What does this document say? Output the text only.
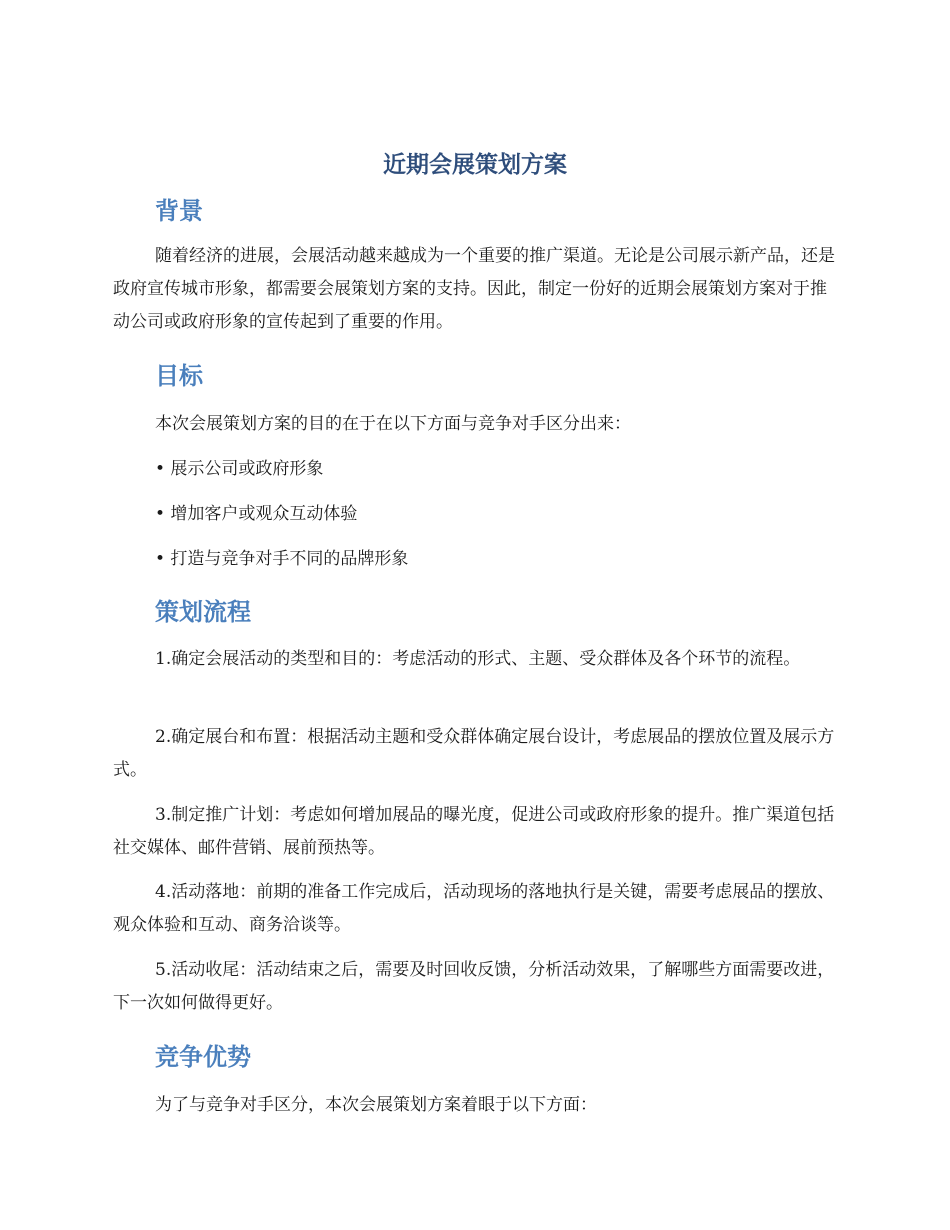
近期会展策划方案
背景

随着经济的进展，会展活动越来越成为一个重要的推广渠道。无论是公司展示新产品，还是政府宣传城市形象，都需要会展策划方案的支持。因此，制定一份好的近期会展策划方案对于推动公司或政府形象的宣传起到了重要的作用。

目标

本次会展策划方案的目的在于在以下方面与竞争对手区分出来：

• 展示公司或政府形象

• 增加客户或观众互动体验

• 打造与竞争对手不同的品牌形象

策划流程

1.确定会展活动的类型和目的：考虑活动的形式、主题、受众群体及各个环节的流程。

2.确定展台和布置：根据活动主题和受众群体确定展台设计，考虑展品的摆放位置及展示方式。

3.制定推广计划：考虑如何增加展品的曝光度，促进公司或政府形象的提升。推广渠道包括社交媒体、邮件营销、展前预热等。

4.活动落地：前期的准备工作完成后，活动现场的落地执行是关键，需要考虑展品的摆放、观众体验和互动、商务洽谈等。

5.活动收尾：活动结束之后，需要及时回收反馈，分析活动效果，了解哪些方面需要改进，下一次如何做得更好。

竞争优势

为了与竞争对手区分，本次会展策划方案着眼于以下方面：
